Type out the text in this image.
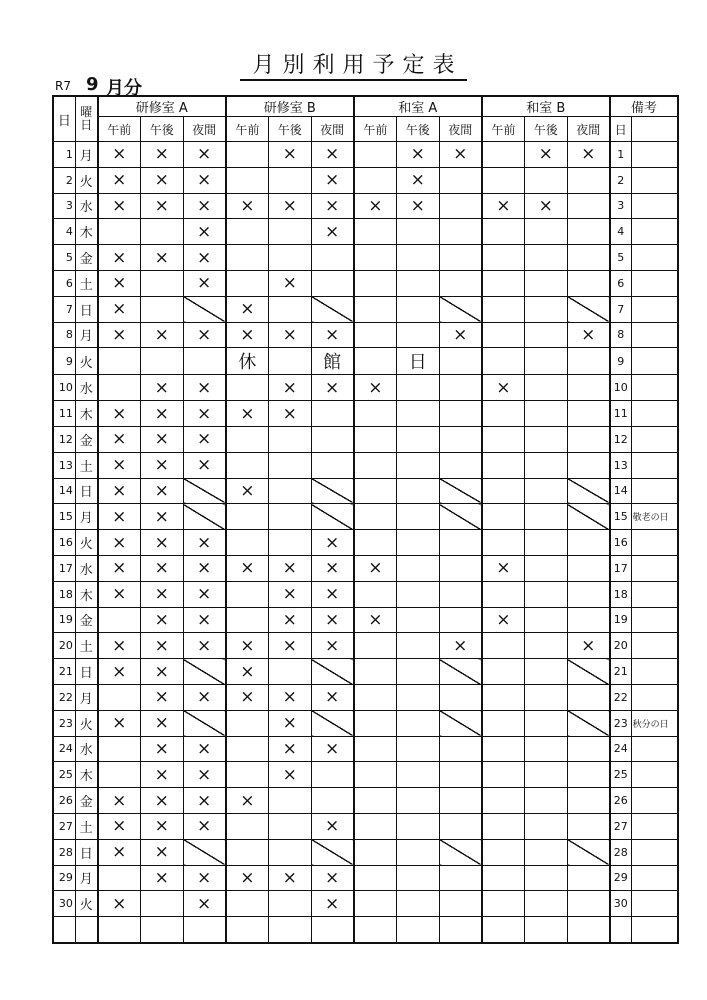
月別利用予定表
R7 9 月分
日	曜
日	研修室 A			研修室 B			和室 A			和室 B			備考	
		午前	午後	夜間	午前	午後	夜間	午前	午後	夜間	午前	午後	夜間	日	
1	月	×	×	×		×	×		×	×		×	×	1	
2	火	×	×	×			×		×					2	
3	水	×	×	×	×	×	×	×	×		×	×		3	
4	木			×			×							4	
5	金	×	×	×										5	
6	土	×		×		×								6	
7	日	×			×									7	
8	月	×	×	×	×	×	×			×			×	8	
9	火				休		館		日					9	
10	水		×	×		×	×	×			×			10	
11	木	×	×	×	×	×								11	
12	金	×	×	×										12	
13	土	×	×	×										13	
14	日	×	×		×									14	
15	月	×	×											15	敬老の日
16	火	×	×	×			×							16	
17	水	×	×	×	×	×	×	×			×			17	
18	木	×	×	×		×	×							18	
19	金		×	×		×	×	×			×			19	
20	土	×	×	×	×	×	×			×			×	20	
21	日	×	×		×									21	
22	月		×	×	×	×	×							22	
23	火	×	×			×								23	秋分の日
24	水		×	×		×	×							24	
25	木		×	×		×								25	
26	金	×	×	×	×									26	
27	土	×	×	×			×							27	
28	日	×	×											28	
29	月		×	×	×	×	×							29	
30	火	×		×			×							30	
